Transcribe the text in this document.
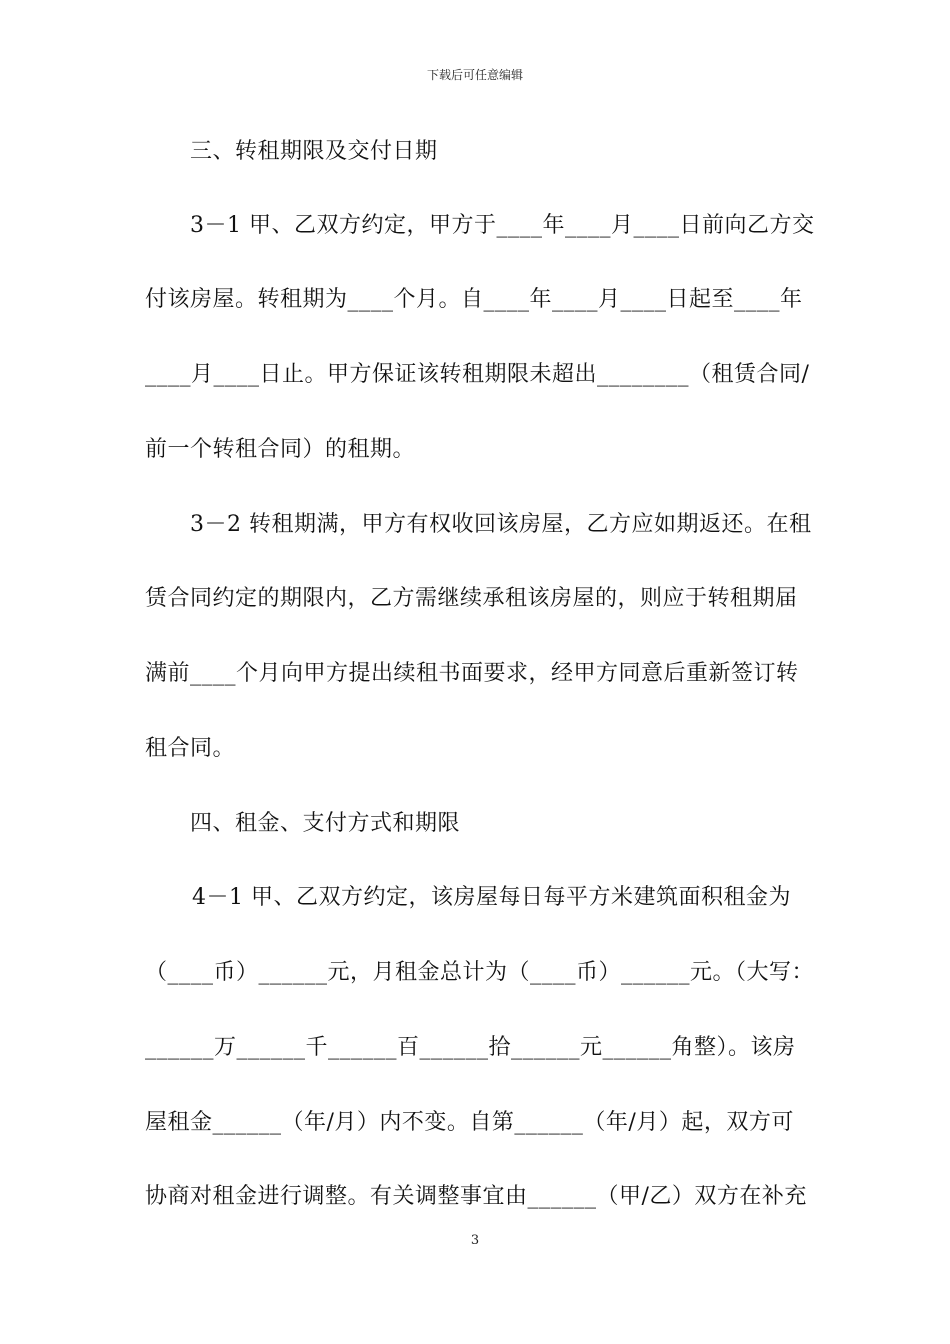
下载后可任意编辑
三、转租期限及交付日期
3－1 甲、乙双方约定，甲方于____年____月____日前向乙方交
付该房屋。转租期为____个月。自____年____月____日起至____年
____月____日止。甲方保证该转租期限未超出________（租赁合同/
前一个转租合同）的租期。
3－2 转租期满，甲方有权收回该房屋，乙方应如期返还。在租
赁合同约定的期限内，乙方需继续承租该房屋的，则应于转租期届
满前____个月向甲方提出续租书面要求，经甲方同意后重新签订转
租合同。
四、租金、支付方式和期限
4－1 甲、乙双方约定，该房屋每日每平方米建筑面积租金为
（____币）______元，月租金总计为（____币）______元。（大写：
______万______千______百______拾______元______角整）。该房
屋租金______（年/月）内不变。自第______（年/月）起，双方可
协商对租金进行调整。有关调整事宜由______（甲/乙）双方在补充
3
